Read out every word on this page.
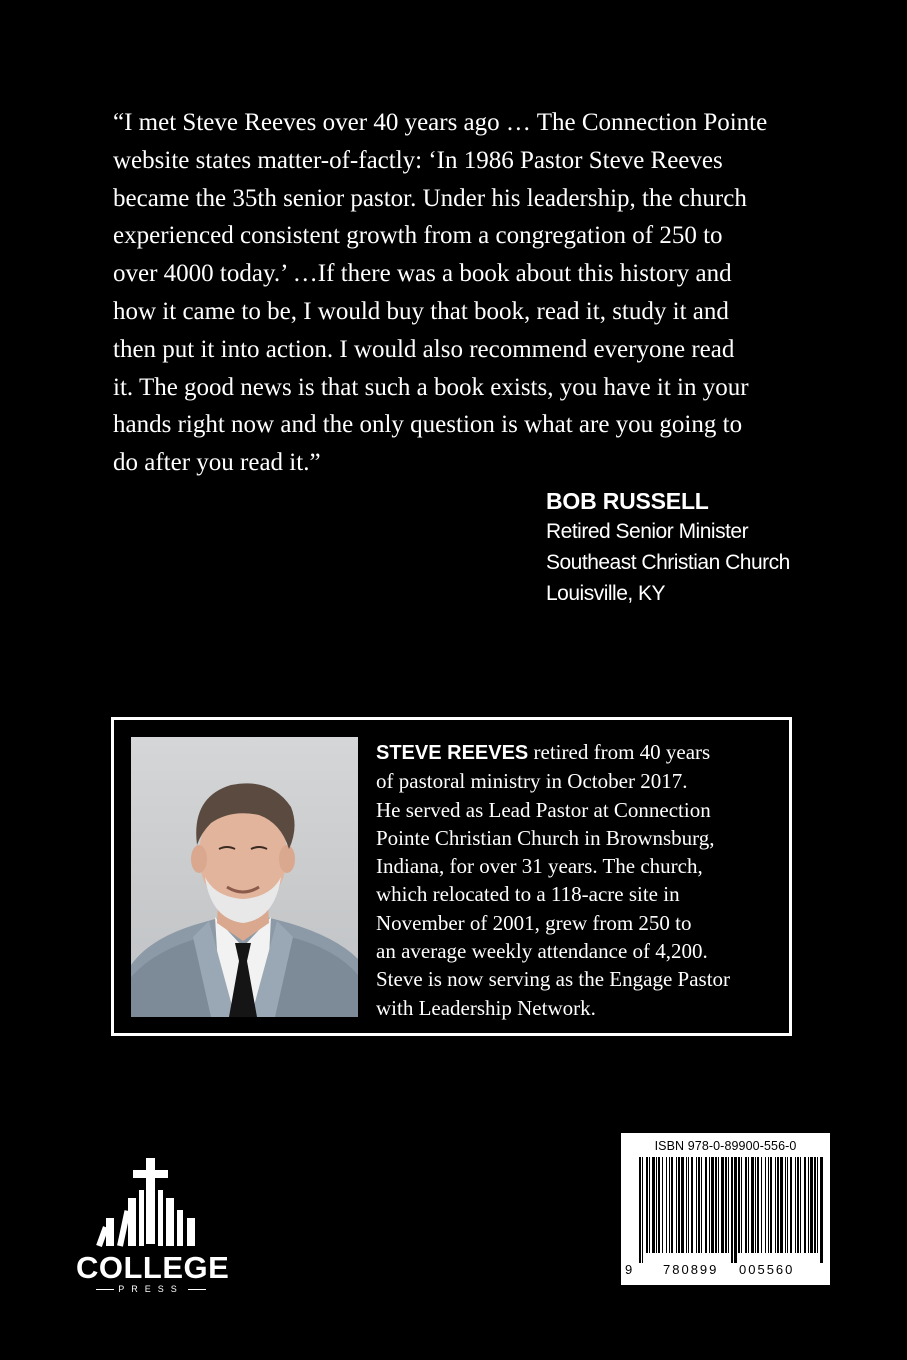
“I met Steve Reeves over 40 years ago … The Connection Pointe
website states matter-of-factly: ‘In 1986 Pastor Steve Reeves
became the 35th senior pastor. Under his leadership, the church
experienced consistent growth from a congregation of 250 to
over 4000 today.’ …If there was a book about this history and
how it came to be, I would buy that book, read it, study it and
then put it into action. I would also recommend everyone read
it. The good news is that such a book exists, you have it in your
hands right now and the only question is what are you going to
do after you read it.”
BOB RUSSELL
Retired Senior Minister
Southeast Christian Church
Louisville, KY
STEVE REEVES retired from 40 years
of pastoral ministry in October 2017.
He served as Lead Pastor at Connection
Pointe Christian Church in Brownsburg,
Indiana, for over 31 years. The church,
which relocated to a 118-acre site in
November of 2001, grew from 250 to
an average weekly attendance of 4,200.
Steve is now serving as the Engage Pastor
with Leadership Network.
COLLEGE
PRESS
ISBN 978-0-89900-556-0
9 780899 005560
